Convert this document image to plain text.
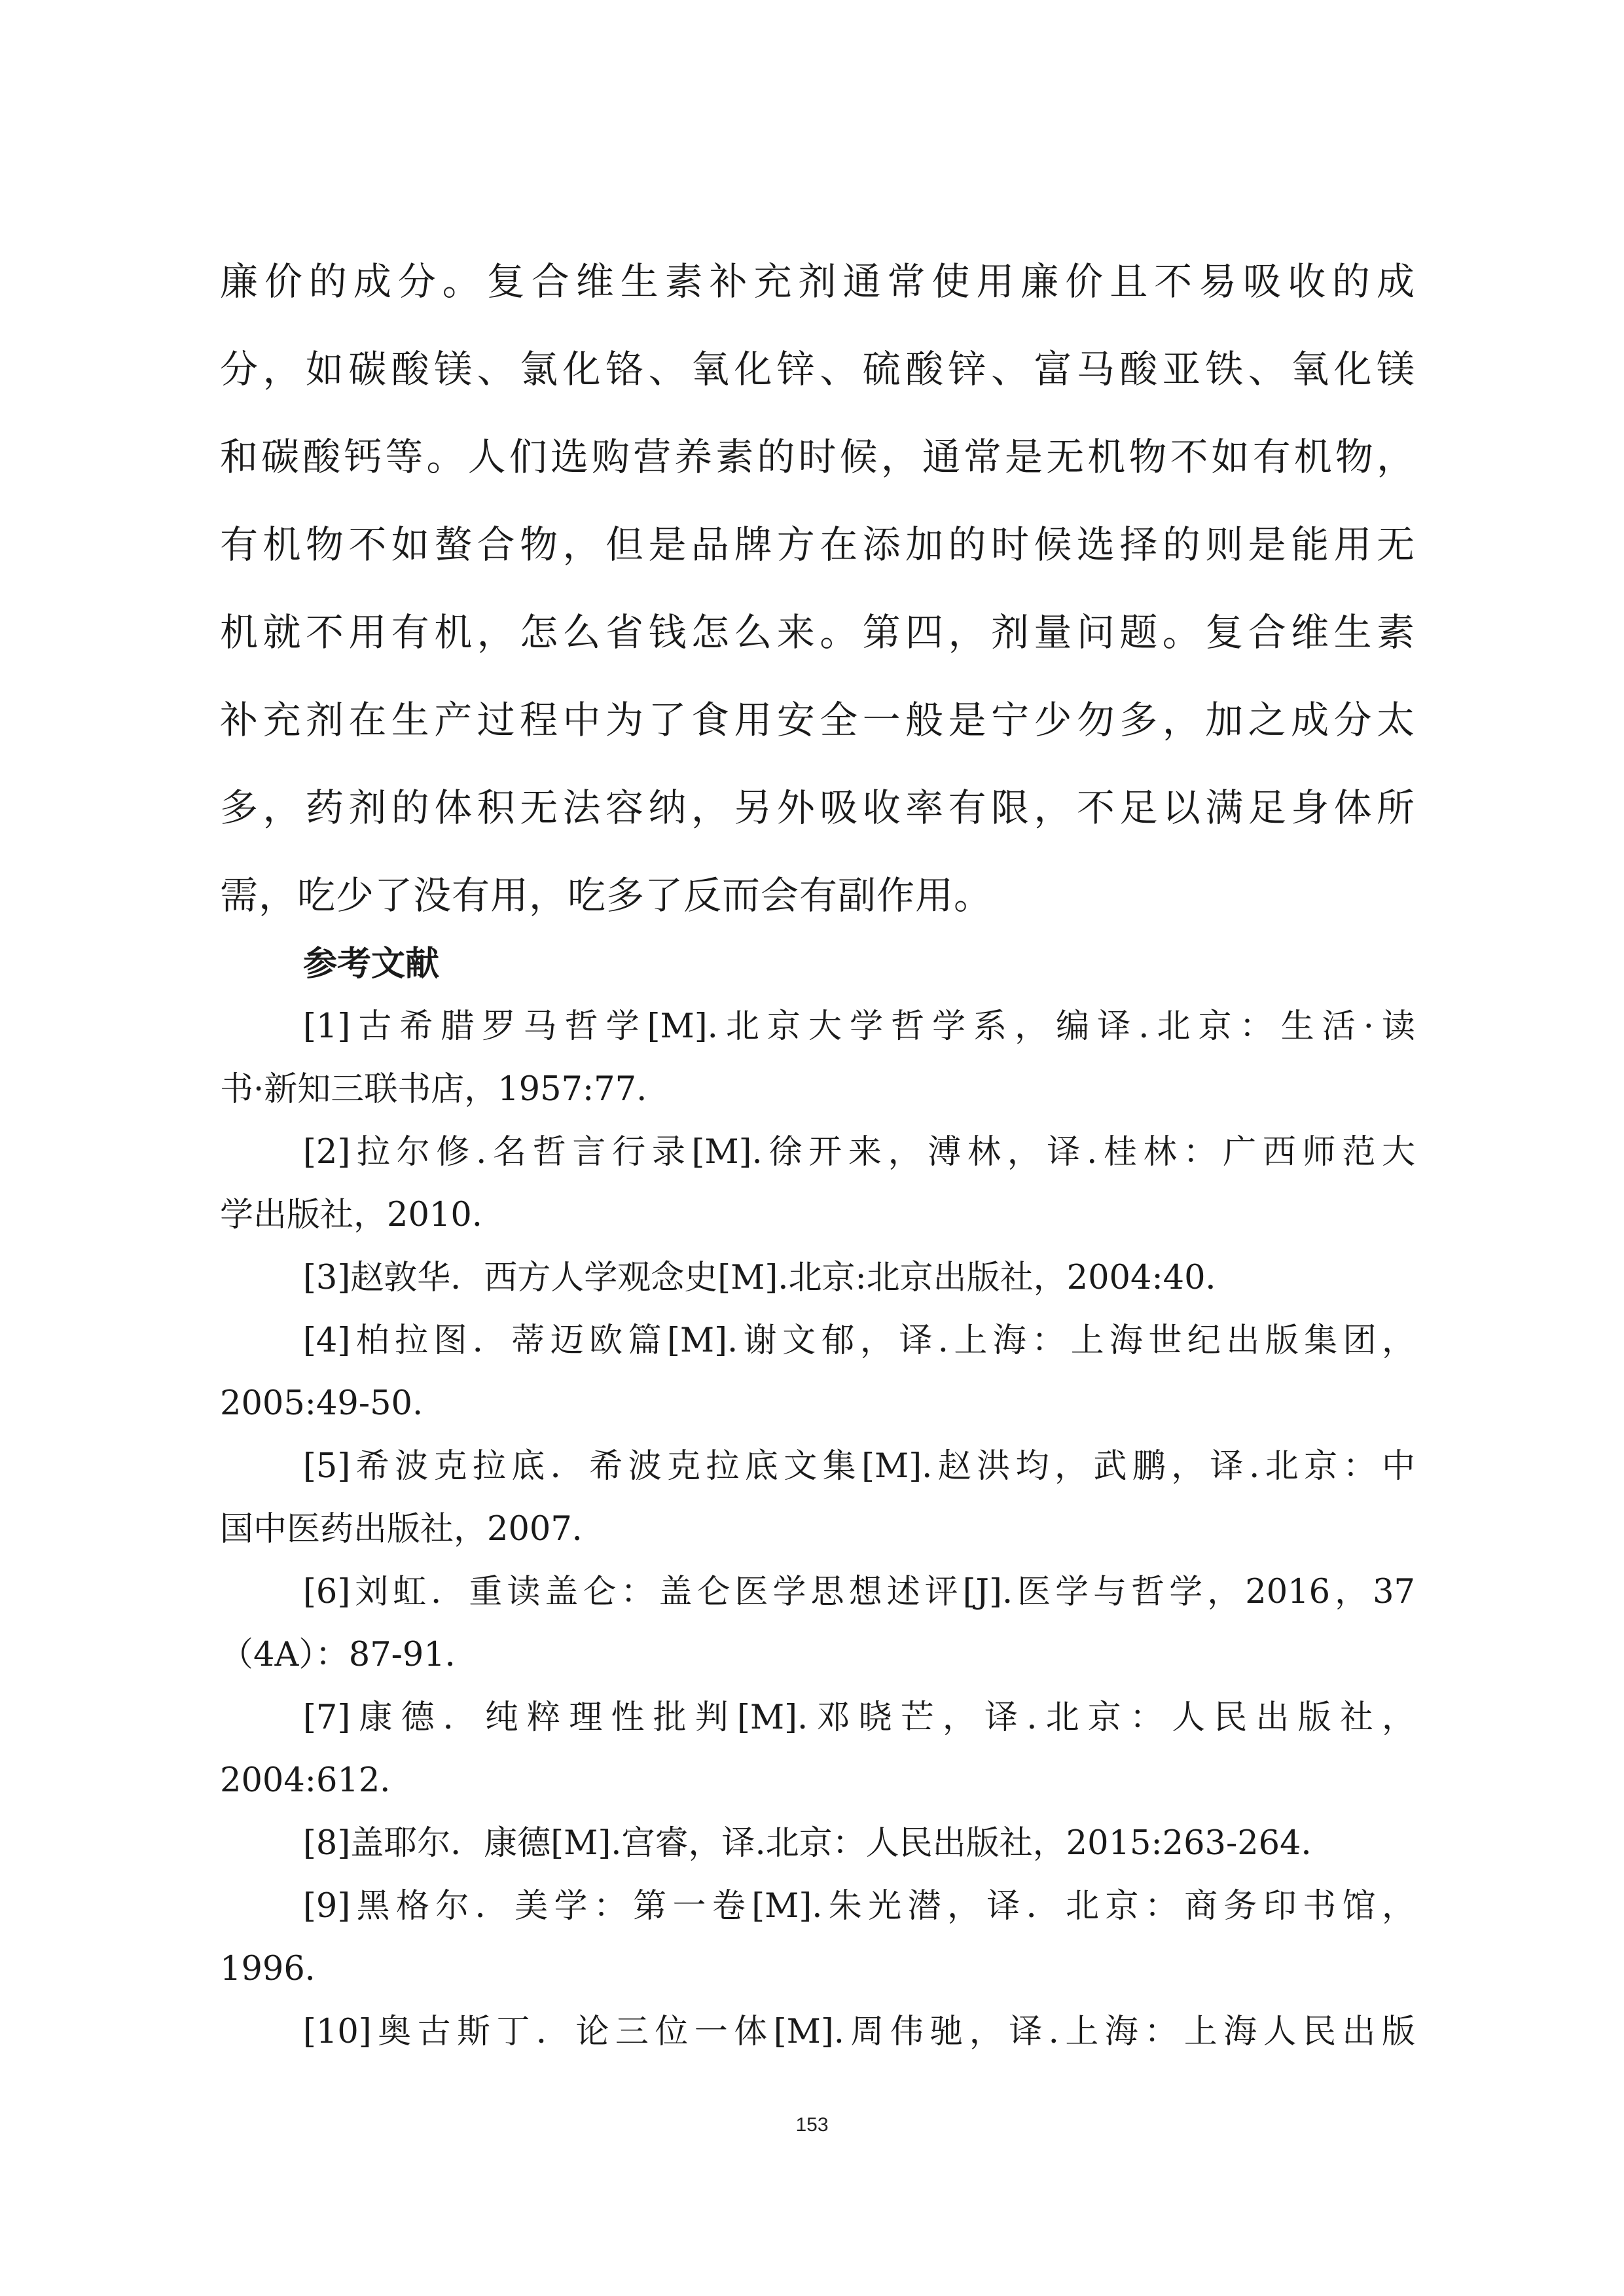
廉价的成分。复合维生素补充剂通常使用廉价且不易吸收的成
分，如碳酸镁、氯化铬、氧化锌、硫酸锌、富马酸亚铁、氧化镁
和碳酸钙等。人们选购营养素的时候，通常是无机物不如有机物，
有机物不如螯合物，但是品牌方在添加的时候选择的则是能用无
机就不用有机，怎么省钱怎么来。第四，剂量问题。复合维生素
补充剂在生产过程中为了食用安全一般是宁少勿多，加之成分太
多，药剂的体积无法容纳，另外吸收率有限，不足以满足身体所
需，吃少了没有用，吃多了反而会有副作用。
参考文献
[1]古希腊罗马哲学[M].北京大学哲学系，编译.北京：生活·读
书·新知三联书店，1957:77.
[2]拉尔修.名哲言行录[M].徐开来，溥林，译.桂林：广西师范大
学出版社，2010.
[3]赵敦华．西方人学观念史[M].北京:北京出版社，2004:40．
[4]柏拉图．蒂迈欧篇[M].谢文郁，译.上海：上海世纪出版集团，
2005:49-50.
[5]希波克拉底．希波克拉底文集[M].赵洪均，武鹏，译.北京：中
国中医药出版社，2007．
[6]刘虹．重读盖仑：盖仑医学思想述评[J].医学与哲学，2016，37
（4A）：87-91．
[7]康德．纯粹理性批判[M].邓晓芒，译.北京：人民出版社，
2004:612．
[8]盖耶尔．康德[M].宫睿，译.北京：人民出版社，2015:263-264．
[9]黑格尔．美学：第一卷[M].朱光潜，译．北京：商务印书馆，
1996．
[10]奥古斯丁．论三位一体[M].周伟驰，译.上海：上海人民出版
153
